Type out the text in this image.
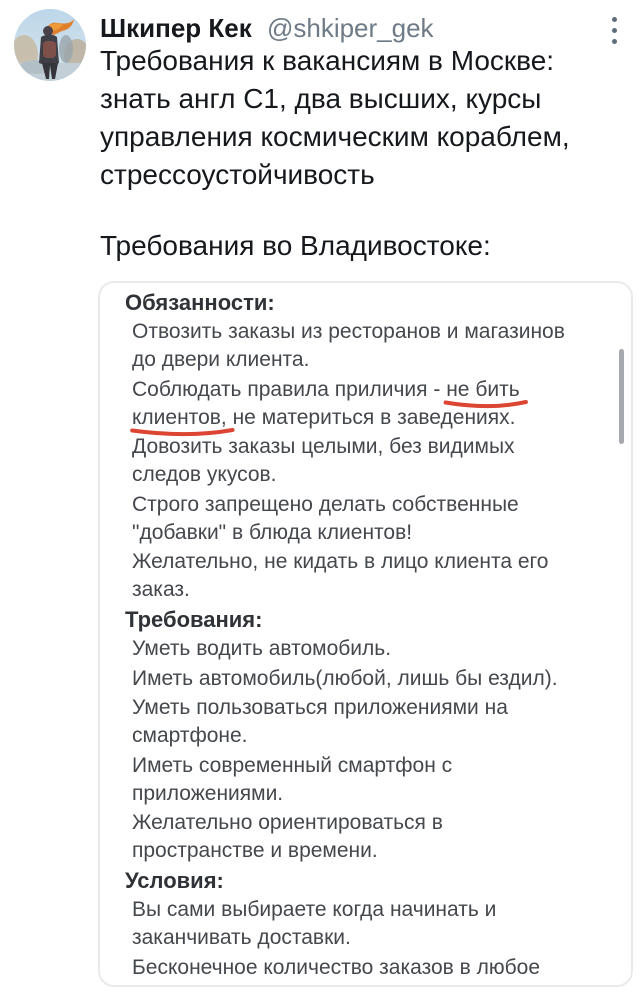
Шкипер Кек @shkiper_gek
Требования к вакансиям в Москве:
знать англ C1, два высших, курсы
управления космическим кораблем,
стрессоустойчивость
Требования во Владивостоке:
Обязанности:
Отвозить заказы из ресторанов и магазинов
до двери клиента.
Соблюдать правила приличия - не бить

клиентов,
не материться в заведениях.
Довозить заказы целыми, без видимых
следов укусов.
Строго запрещено делать собственные
"добавки" в блюда клиентов!
Желательно, не кидать в лицо клиента его
заказ.
Требования:
Уметь водить автомобиль.
Иметь автомобиль(любой, лишь бы ездил).
Уметь пользоваться приложениями на
смартфоне.
Иметь современный смартфон с
приложениями.
Желательно ориентироваться в
пространстве и времени.
Условия:
Вы сами выбираете когда начинать и
заканчивать доставки.
Бесконечное количество заказов в любое
